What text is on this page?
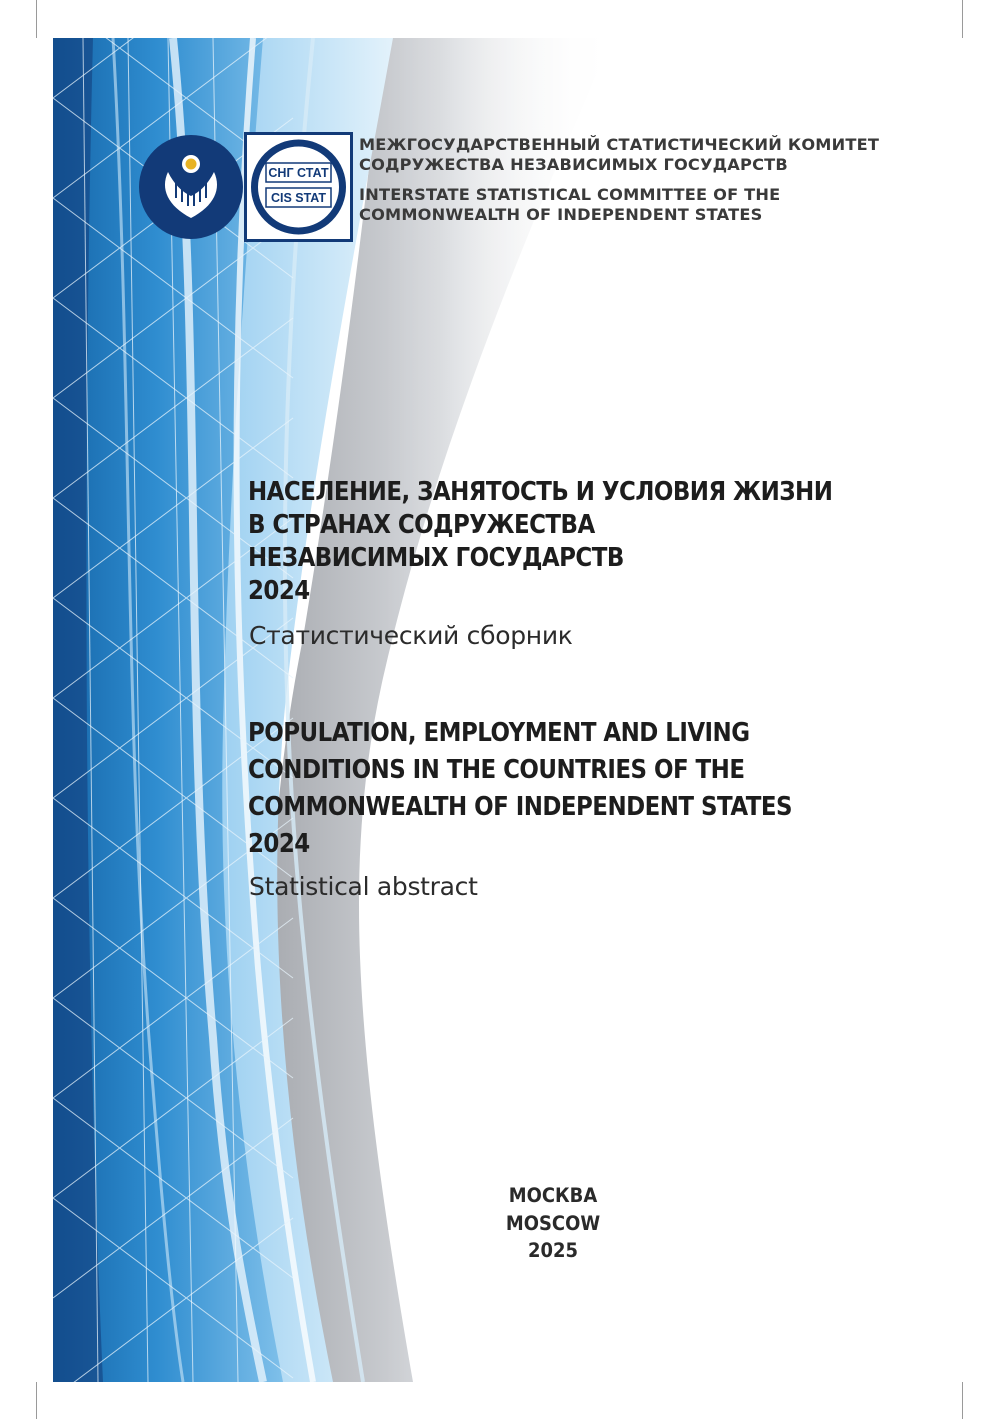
СНГ СТАТ
CIS STAT
МЕЖГОСУДАРСТВЕННЫЙ СТАТИСТИЧЕСКИЙ КОМИТЕТ
СОДРУЖЕСТВА НЕЗАВИСИМЫХ ГОСУДАРСТВ
INTERSTATE STATISTICAL COMMITTEE OF THE
COMMONWEALTH OF INDEPENDENT STATES
НАСЕЛЕНИЕ, ЗАНЯТОСТЬ И УСЛОВИЯ ЖИЗНИ
В СТРАНАХ СОДРУЖЕСТВА
НЕЗАВИСИМЫХ ГОСУДАРСТВ
2024
Статистический сборник
POPULATION, EMPLOYMENT AND LIVING
CONDITIONS IN THE COUNTRIES OF THE
COMMONWEALTH OF INDEPENDENT STATES
2024
Statistical abstract
МОСКВА
MOSCOW
2025
